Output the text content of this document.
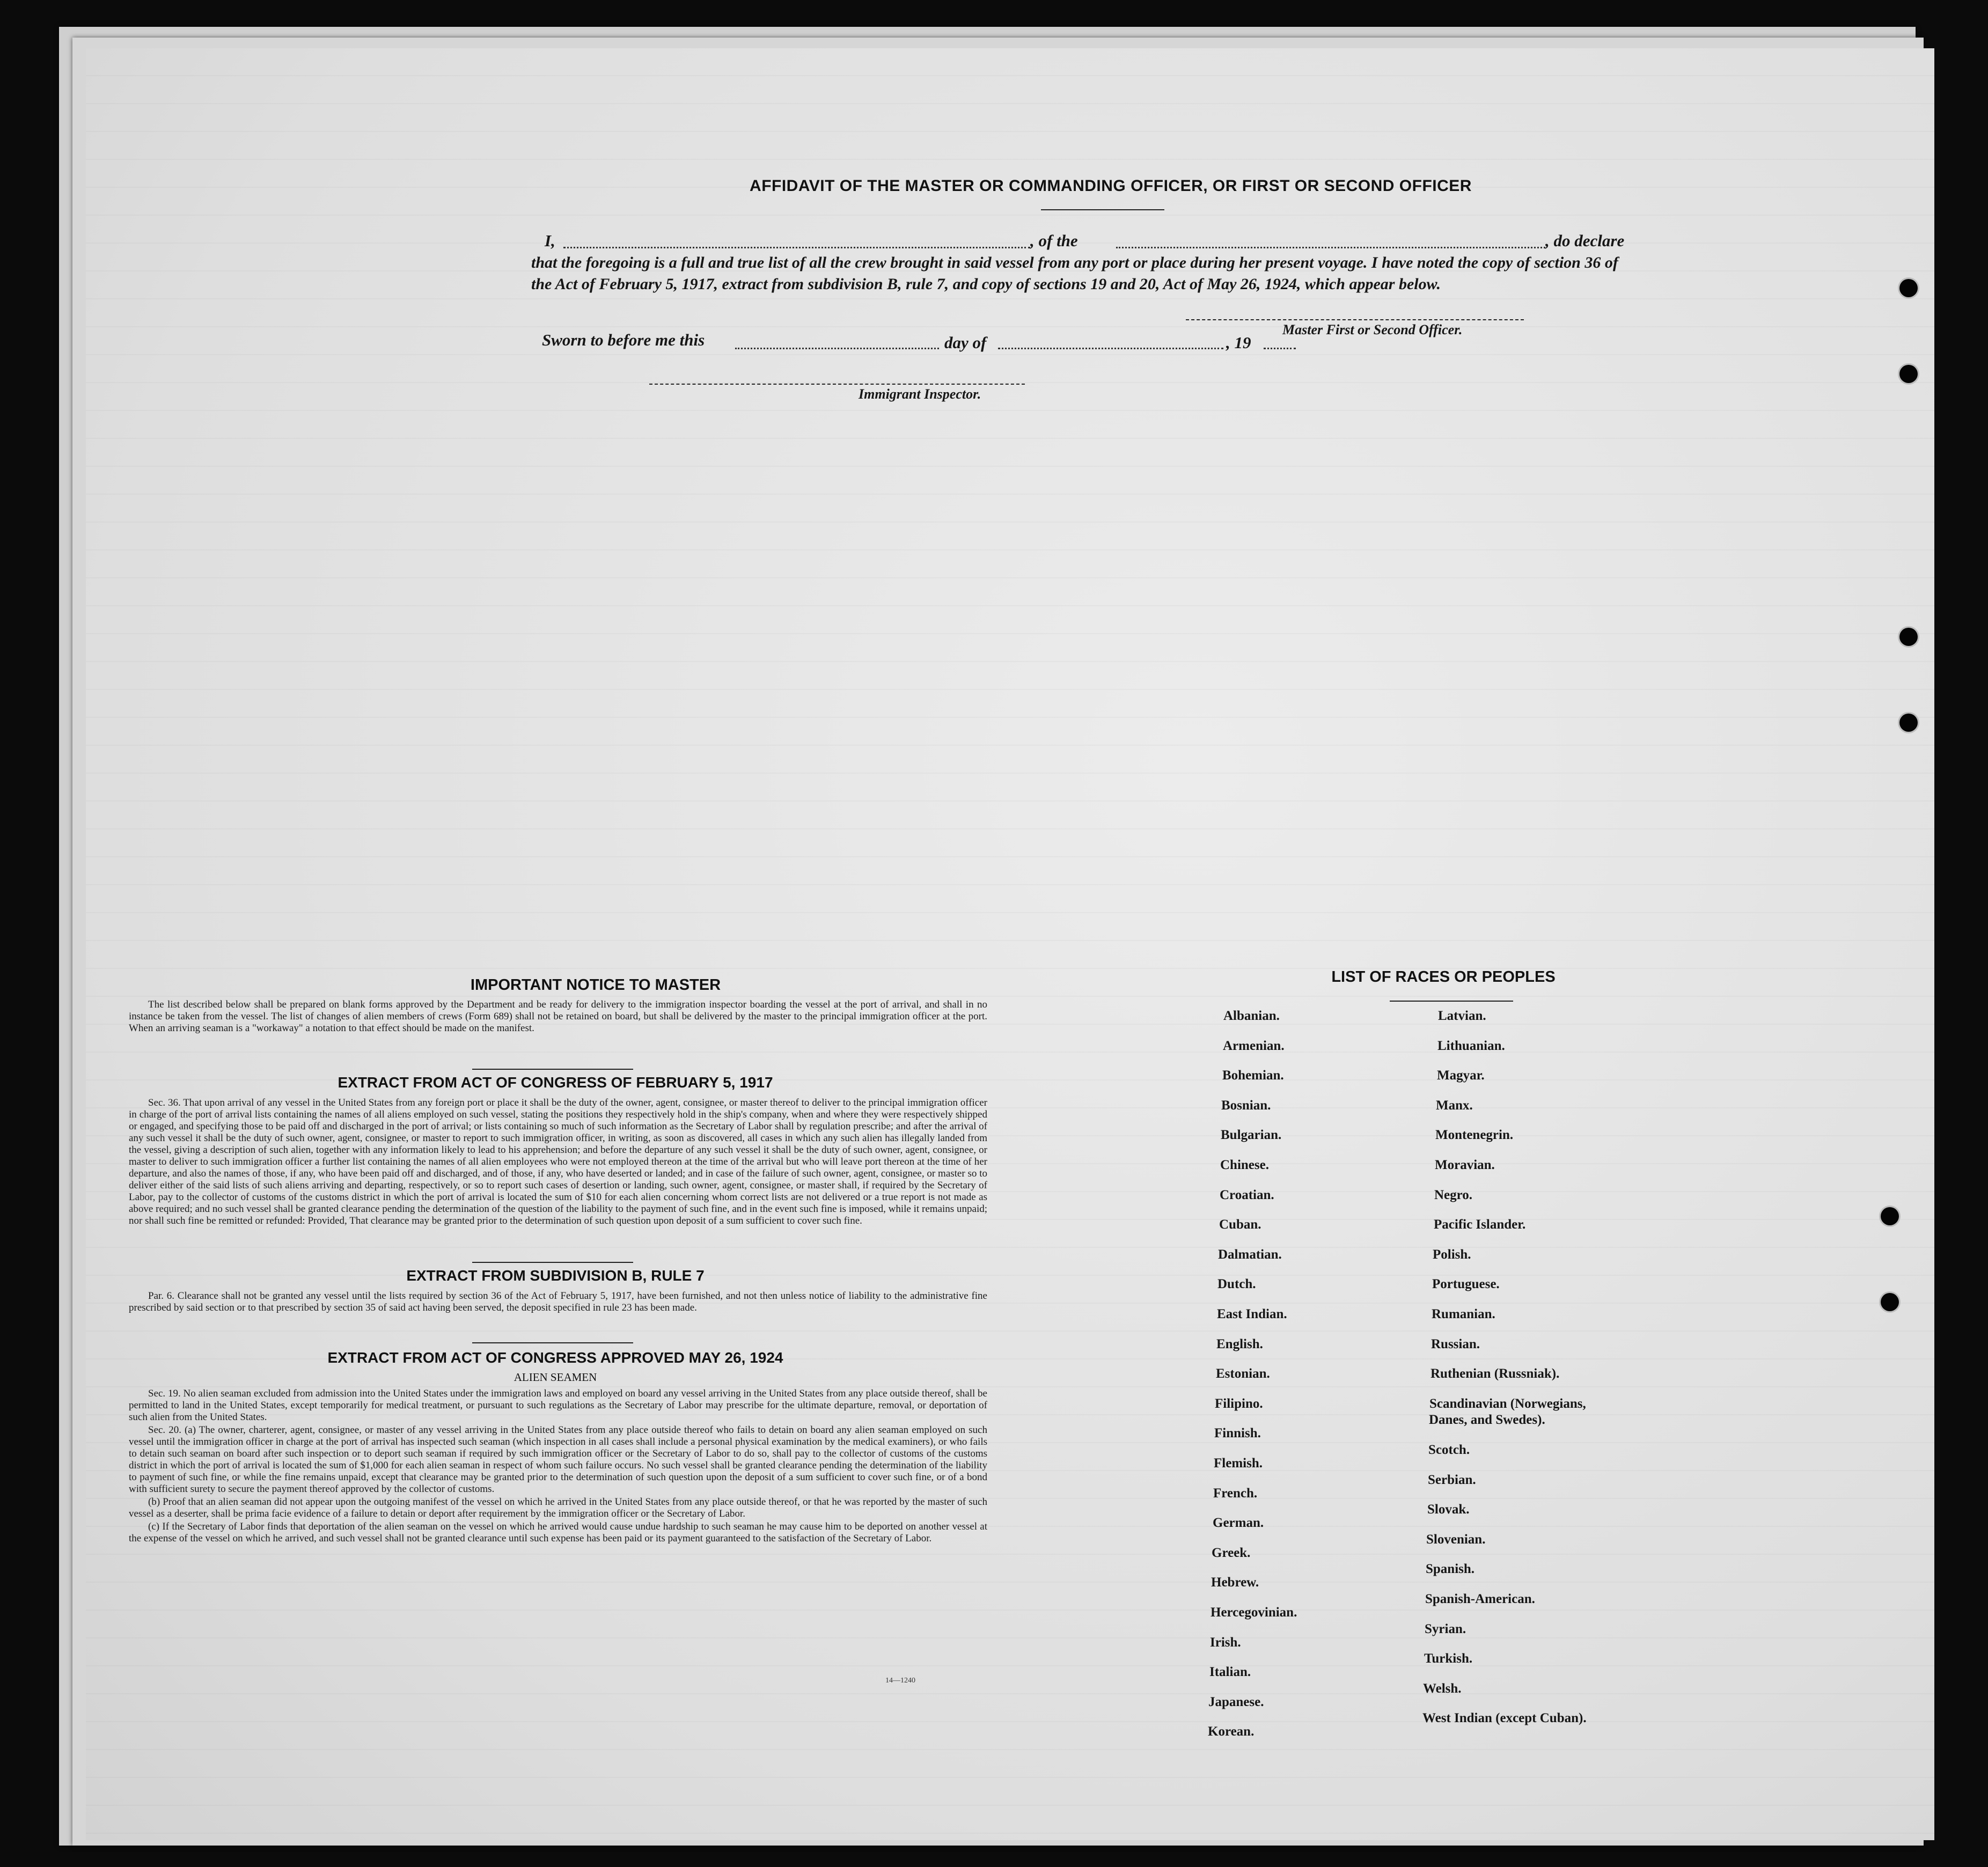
AFFIDAVIT OF THE MASTER OR COMMANDING OFFICER, OR FIRST OR SECOND OFFICER
I,	, of the	, do declare
that the foregoing is a full and true list of all the crew brought in said vessel from any port or place during her present voyage. I have noted the copy of section 36 of the Act of February 5, 1917, extract from subdivision B, rule 7, and copy of sections 19 and 20, Act of May 26, 1924, which appear below.
Master First or Second Officer.
Sworn to before me this	day of	, 19
Immigrant Inspector.
IMPORTANT NOTICE TO MASTER

The list described below shall be prepared on blank forms approved by the Department and be ready for delivery to the immigration inspector boarding the vessel at the port of arrival, and shall in no instance be taken from the vessel. The list of changes of alien members of crews (Form 689) shall not be retained on board, but shall be delivered by the master to the principal immigration officer at the port. When an arriving seaman is a "workaway" a notation to that effect should be made on the manifest.

EXTRACT FROM ACT OF CONGRESS OF FEBRUARY 5, 1917

Sec. 36. That upon arrival of any vessel in the United States from any foreign port or place it shall be the duty of the owner, agent, consignee, or master thereof to deliver to the principal immigration officer in charge of the port of arrival lists containing the names of all aliens employed on such vessel, stating the positions they respectively hold in the ship's company, when and where they were respectively shipped or engaged, and specifying those to be paid off and discharged in the port of arrival; or lists containing so much of such information as the Secretary of Labor shall by regulation prescribe; and after the arrival of any such vessel it shall be the duty of such owner, agent, consignee, or master to report to such immigration officer, in writing, as soon as discovered, all cases in which any such alien has illegally landed from the vessel, giving a description of such alien, together with any information likely to lead to his apprehension; and before the departure of any such vessel it shall be the duty of such owner, agent, consignee, or master to deliver to such immigration officer a further list containing the names of all alien employees who were not employed thereon at the time of the arrival but who will leave port thereon at the time of her departure, and also the names of those, if any, who have been paid off and discharged, and of those, if any, who have deserted or landed; and in case of the failure of such owner, agent, consignee, or master so to deliver either of the said lists of such aliens arriving and departing, respectively, or so to report such cases of desertion or landing, such owner, agent, consignee, or master shall, if required by the Secretary of Labor, pay to the collector of customs of the customs district in which the port of arrival is located the sum of $10 for each alien concerning whom correct lists are not delivered or a true report is not made as above required; and no such vessel shall be granted clearance pending the determination of the question of the liability to the payment of such fine, and in the event such fine is imposed, while it remains unpaid; nor shall such fine be remitted or refunded: Provided, That clearance may be granted prior to the determination of such question upon deposit of a sum sufficient to cover such fine.

EXTRACT FROM SUBDIVISION B, RULE 7

Par. 6. Clearance shall not be granted any vessel until the lists required by section 36 of the Act of February 5, 1917, have been furnished, and not then unless notice of liability to the administrative fine prescribed by said section or to that prescribed by section 35 of said act having been served, the deposit specified in rule 23 has been made.

EXTRACT FROM ACT OF CONGRESS APPROVED MAY 26, 1924
ALIEN SEAMEN

Sec. 19. No alien seaman excluded from admission into the United States under the immigration laws and employed on board any vessel arriving in the United States from any place outside thereof, shall be permitted to land in the United States, except temporarily for medical treatment, or pursuant to such regulations as the Secretary of Labor may prescribe for the ultimate departure, removal, or deportation of such alien from the United States.

Sec. 20. (a) The owner, charterer, agent, consignee, or master of any vessel arriving in the United States from any place outside thereof who fails to detain on board any alien seaman employed on such vessel until the immigration officer in charge at the port of arrival has inspected such seaman (which inspection in all cases shall include a personal physical examination by the medical examiners), or who fails to detain such seaman on board after such inspection or to deport such seaman if required by such immigration officer or the Secretary of Labor to do so, shall pay to the collector of customs of the customs district in which the port of arrival is located the sum of $1,000 for each alien seaman in respect of whom such failure occurs. No such vessel shall be granted clearance pending the determination of the liability to payment of such fine, or while the fine remains unpaid, except that clearance may be granted prior to the determination of such question upon the deposit of a sum sufficient to cover such fine, or of a bond with sufficient surety to secure the payment thereof approved by the collector of customs.

(b) Proof that an alien seaman did not appear upon the outgoing manifest of the vessel on which he arrived in the United States from any place outside thereof, or that he was reported by the master of such vessel as a deserter, shall be prima facie evidence of a failure to detain or deport after requirement by the immigration officer or the Secretary of Labor.

(c) If the Secretary of Labor finds that deportation of the alien seaman on the vessel on which he arrived would cause undue hardship to such seaman he may cause him to be deported on another vessel at the expense of the vessel on which he arrived, and such vessel shall not be granted clearance until such expense has been paid or its payment guaranteed to the satisfaction of the Secretary of Labor.

14—1240
LIST OF RACES OR PEOPLES
Albanian.
Armenian.
Bohemian.
Bosnian.
Bulgarian.
Chinese.
Croatian.
Cuban.
Dalmatian.
Dutch.
East Indian.
English.
Estonian.
Filipino.
Finnish.
Flemish.
French.
German.
Greek.
Hebrew.
Hercegovinian.
Irish.
Italian.
Japanese.
Korean.
Latvian.
Lithuanian.
Magyar.
Manx.
Montenegrin.
Moravian.
Negro.
Pacific Islander.
Polish.
Portuguese.
Rumanian.
Russian.
Ruthenian (Russniak).
Scandinavian (Norwegians,
Danes, and Swedes).
Scotch.
Serbian.
Slovak.
Slovenian.
Spanish.
Spanish-American.
Syrian.
Turkish.
Welsh.
West Indian (except Cuban).
